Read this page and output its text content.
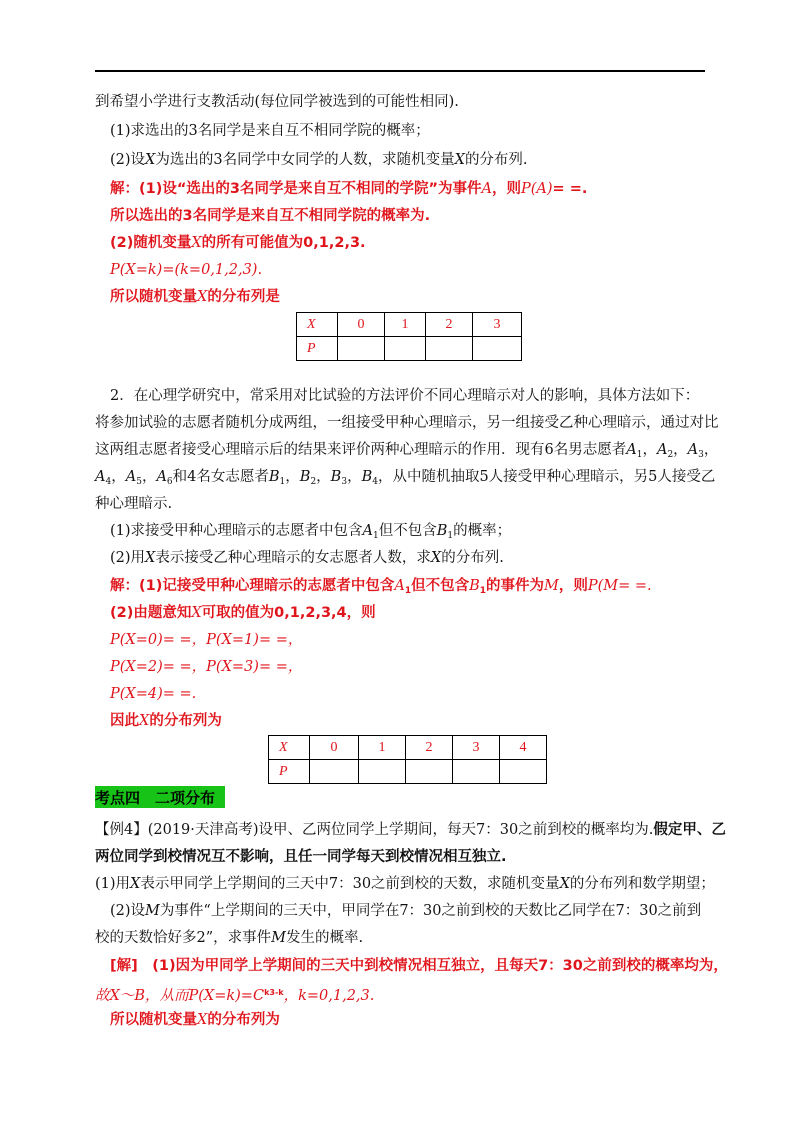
到希望小学进行支教活动(每位同学被选到的可能性相同).
(1)求选出的3名同学是来自互不相同学院的概率；
(2)设X为选出的3名同学中女同学的人数，求随机变量X的分布列.
解：(1)设“选出的3名同学是来自互不相同的学院”为事件A，则P(A)= =.
所以选出的3名同学是来自互不相同学院的概率为.
(2)随机变量X的所有可能值为0,1,2,3.
P(X=k)=(k=0,1,2,3).
所以随机变量X的分布列是
X	0	1	2	3
P				
2．在心理学研究中，常采用对比试验的方法评价不同心理暗示对人的影响，具体方法如下：
将参加试验的志愿者随机分成两组，一组接受甲种心理暗示，另一组接受乙种心理暗示，通过对比
这两组志愿者接受心理暗示后的结果来评价两种心理暗示的作用．现有6名男志愿者$A_1$，$A_2$，$A_3$，
$A_4$，$A_5$，$A_6$和4名女志愿者$B_1$，$B_2$，$B_3$，$B_4$，从中随机抽取5人接受甲种心理暗示，另5人接受乙
种心理暗示.
(1)求接受甲种心理暗示的志愿者中包含$A_1$但不包含$B_1$的概率；
(2)用X表示接受乙种心理暗示的女志愿者人数，求X的分布列.
解：(1)记接受甲种心理暗示的志愿者中包含$A_1$但不包含$B_1$的事件为M，则P(M= =.
(2)由题意知X可取的值为0,1,2,3,4，则
P(X=0)= =，P(X=1)= =，
P(X=2)= =，P(X=3)= =，
P(X=4)= =.
因此X的分布列为
X	0	1	2	3	4
P					
考点四　二项分布
【例4】(2019·天津高考)设甲、乙两位同学上学期间，每天7：30之前到校的概率均为.假定甲、乙
两位同学到校情况互不影响，且任一同学每天到校情况相互独立.
(1)用X表示甲同学上学期间的三天中7：30之前到校的天数，求随机变量X的分布列和数学期望；
(2)设M为事件“上学期间的三天中，甲同学在7：30之前到校的天数比乙同学在7：30之前到
校的天数恰好多2”，求事件M发生的概率.
[解]　(1)因为甲同学上学期间的三天中到校情况相互独立，且每天7：30之前到校的概率均为，
故X～B，从而$P(X=k)=C^{k3-k}$，k=0,1,2,3.
所以随机变量X的分布列为
